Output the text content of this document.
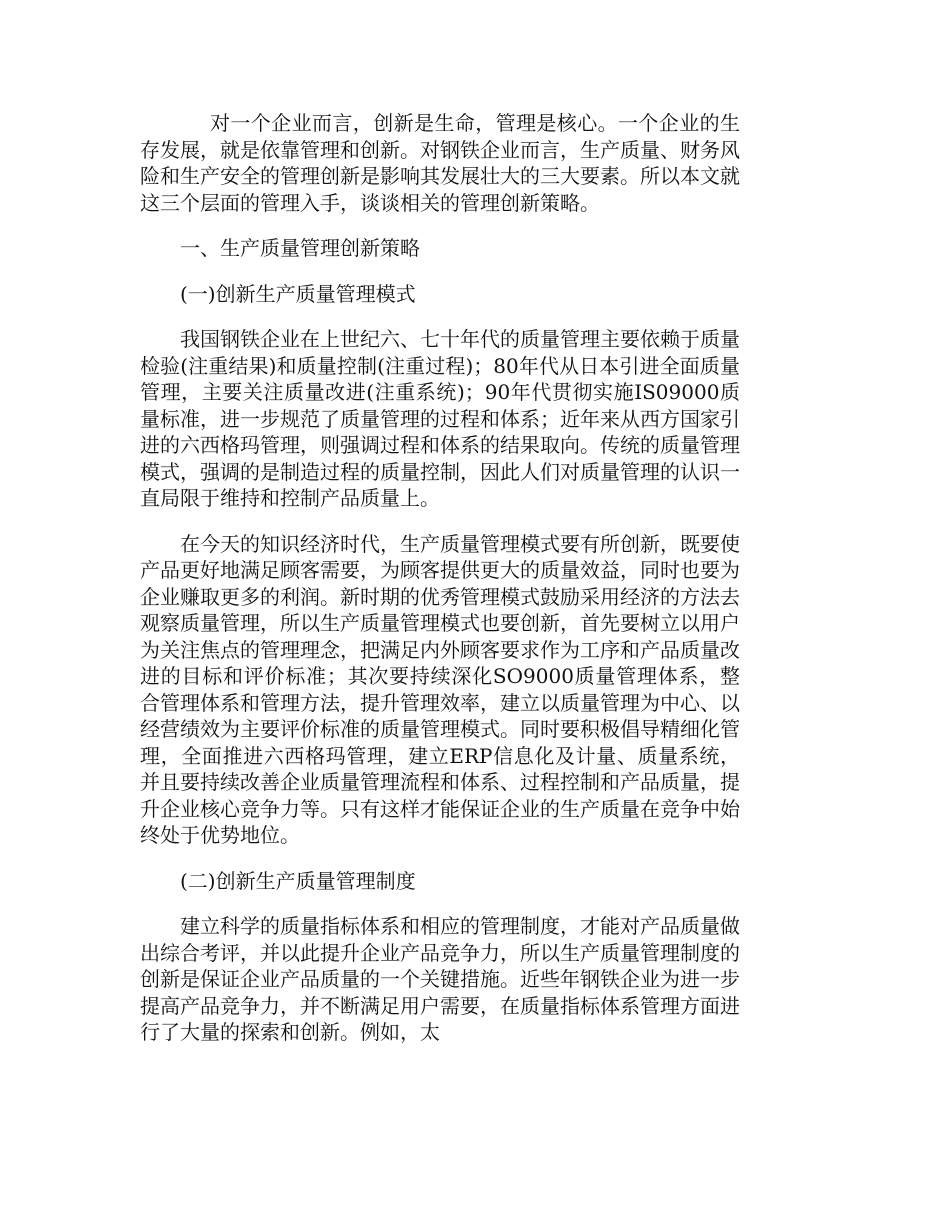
对一个企业而言，创新是生命，管理是核心。一个企业的生存发展，就是依靠管理和创新。对钢铁企业而言，生产质量、财务风险和生产安全的管理创新是影响其发展壮大的三大要素。所以本文就这三个层面的管理入手，谈谈相关的管理创新策略。

一、生产质量管理创新策略

(一)创新生产质量管理模式

我国钢铁企业在上世纪六、七十年代的质量管理主要依赖于质量检验(注重结果)和质量控制(注重过程)；80年代从日本引进全面质量管理，主要关注质量改进(注重系统)；90年代贯彻实施IS09000质量标准，进一步规范了质量管理的过程和体系；近年来从西方国家引进的六西格玛管理，则强调过程和体系的结果取向。传统的质量管理模式，强调的是制造过程的质量控制，因此人们对质量管理的认识一直局限于维持和控制产品质量上。

在今天的知识经济时代，生产质量管理模式要有所创新，既要使产品更好地满足顾客需要，为顾客提供更大的质量效益，同时也要为企业赚取更多的利润。新时期的优秀管理模式鼓励采用经济的方法去观察质量管理，所以生产质量管理模式也要创新，首先要树立以用户为关注焦点的管理理念，把满足内外顾客要求作为工序和产品质量改进的目标和评价标准；其次要持续深化SO9000质量管理体系，整合管理体系和管理方法，提升管理效率，建立以质量管理为中心、以经营绩效为主要评价标准的质量管理模式。同时要积极倡导精细化管理，全面推进六西格玛管理，建立ERP信息化及计量、质量系统，并且要持续改善企业质量管理流程和体系、过程控制和产品质量，提升企业核心竞争力等。只有这样才能保证企业的生产质量在竞争中始终处于优势地位。

(二)创新生产质量管理制度

建立科学的质量指标体系和相应的管理制度，才能对产品质量做出综合考评，并以此提升企业产品竞争力，所以生产质量管理制度的创新是保证企业产品质量的一个关键措施。近些年钢铁企业为进一步提高产品竞争力，并不断满足用户需要，在质量指标体系管理方面进行了大量的探索和创新。例如，太
